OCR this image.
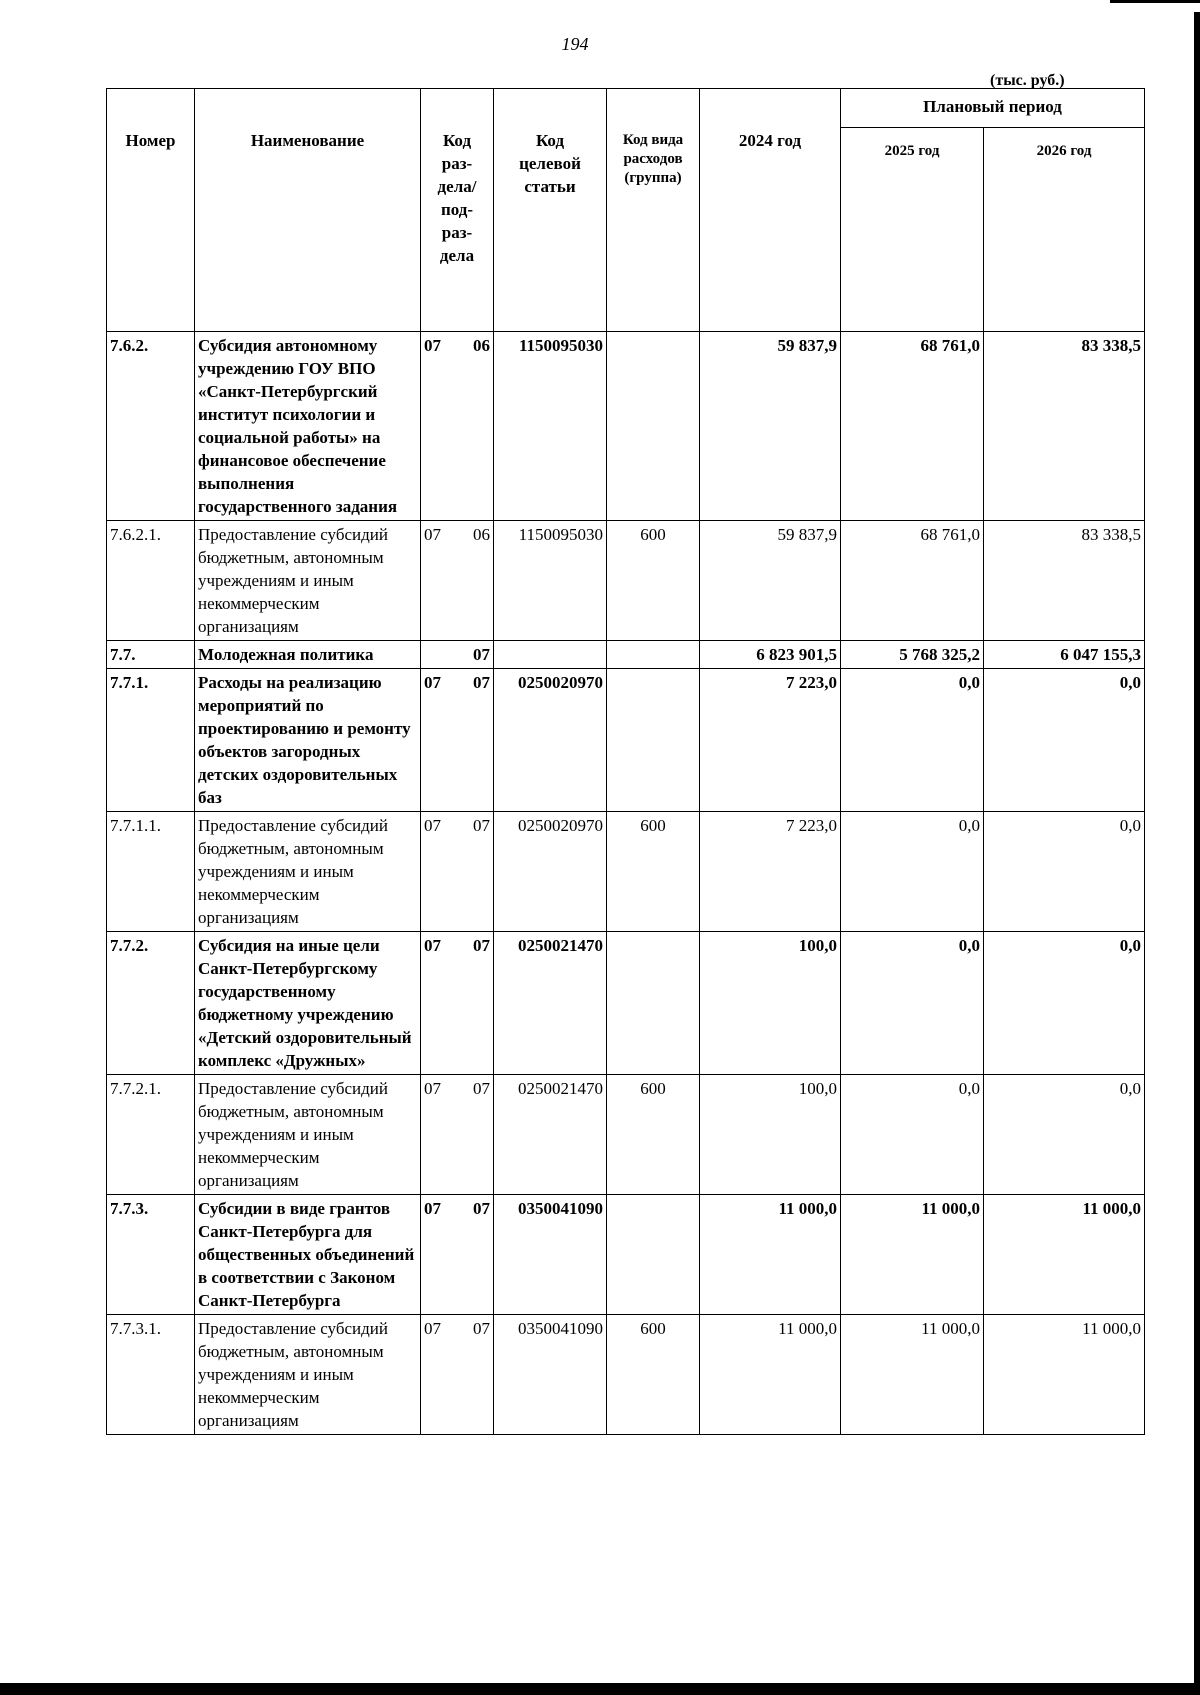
194
(тыс. руб.)
Номер	Наименование	Код раз- дела/ под- раз- дела	Код целевой статьи	Код вида расходов (группа)	2024 год	Плановый период	
						2025 год	2026 год
7.6.2.	Субсидия автономному учреждению ГОУ ВПО «Санкт-Петербургский институт психологии и социальной работы» на финансовое обеспечение выполнения государственного задания	07 06	1150095030		59 837,9	68 761,0	83 338,5
7.6.2.1.	Предоставление субсидий бюджетным, автономным учреждениям и иным некоммерческим организациям	07 06	1150095030	600	59 837,9	68 761,0	83 338,5
7.7.	Молодежная политика	07			6 823 901,5	5 768 325,2	6 047 155,3
7.7.1.	Расходы на реализацию мероприятий по проектированию и ремонту объектов загородных детских оздоровительных баз	07 07	0250020970		7 223,0	0,0	0,0
7.7.1.1.	Предоставление субсидий бюджетным, автономным учреждениям и иным некоммерческим организациям	07 07	0250020970	600	7 223,0	0,0	0,0
7.7.2.	Субсидия на иные цели Санкт-Петербургскому государственному бюджетному учреждению «Детский оздоровительный комплекс «Дружных»	07 07	0250021470		100,0	0,0	0,0
7.7.2.1.	Предоставление субсидий бюджетным, автономным учреждениям и иным некоммерческим организациям	07 07	0250021470	600	100,0	0,0	0,0
7.7.3.	Субсидии в виде грантов Санкт-Петербурга для общественных объединений в соответствии с Законом Санкт-Петербурга	07 07	0350041090		11 000,0	11 000,0	11 000,0
7.7.3.1.	Предоставление субсидий бюджетным, автономным учреждениям и иным некоммерческим организациям	07 07	0350041090	600	11 000,0	11 000,0	11 000,0
